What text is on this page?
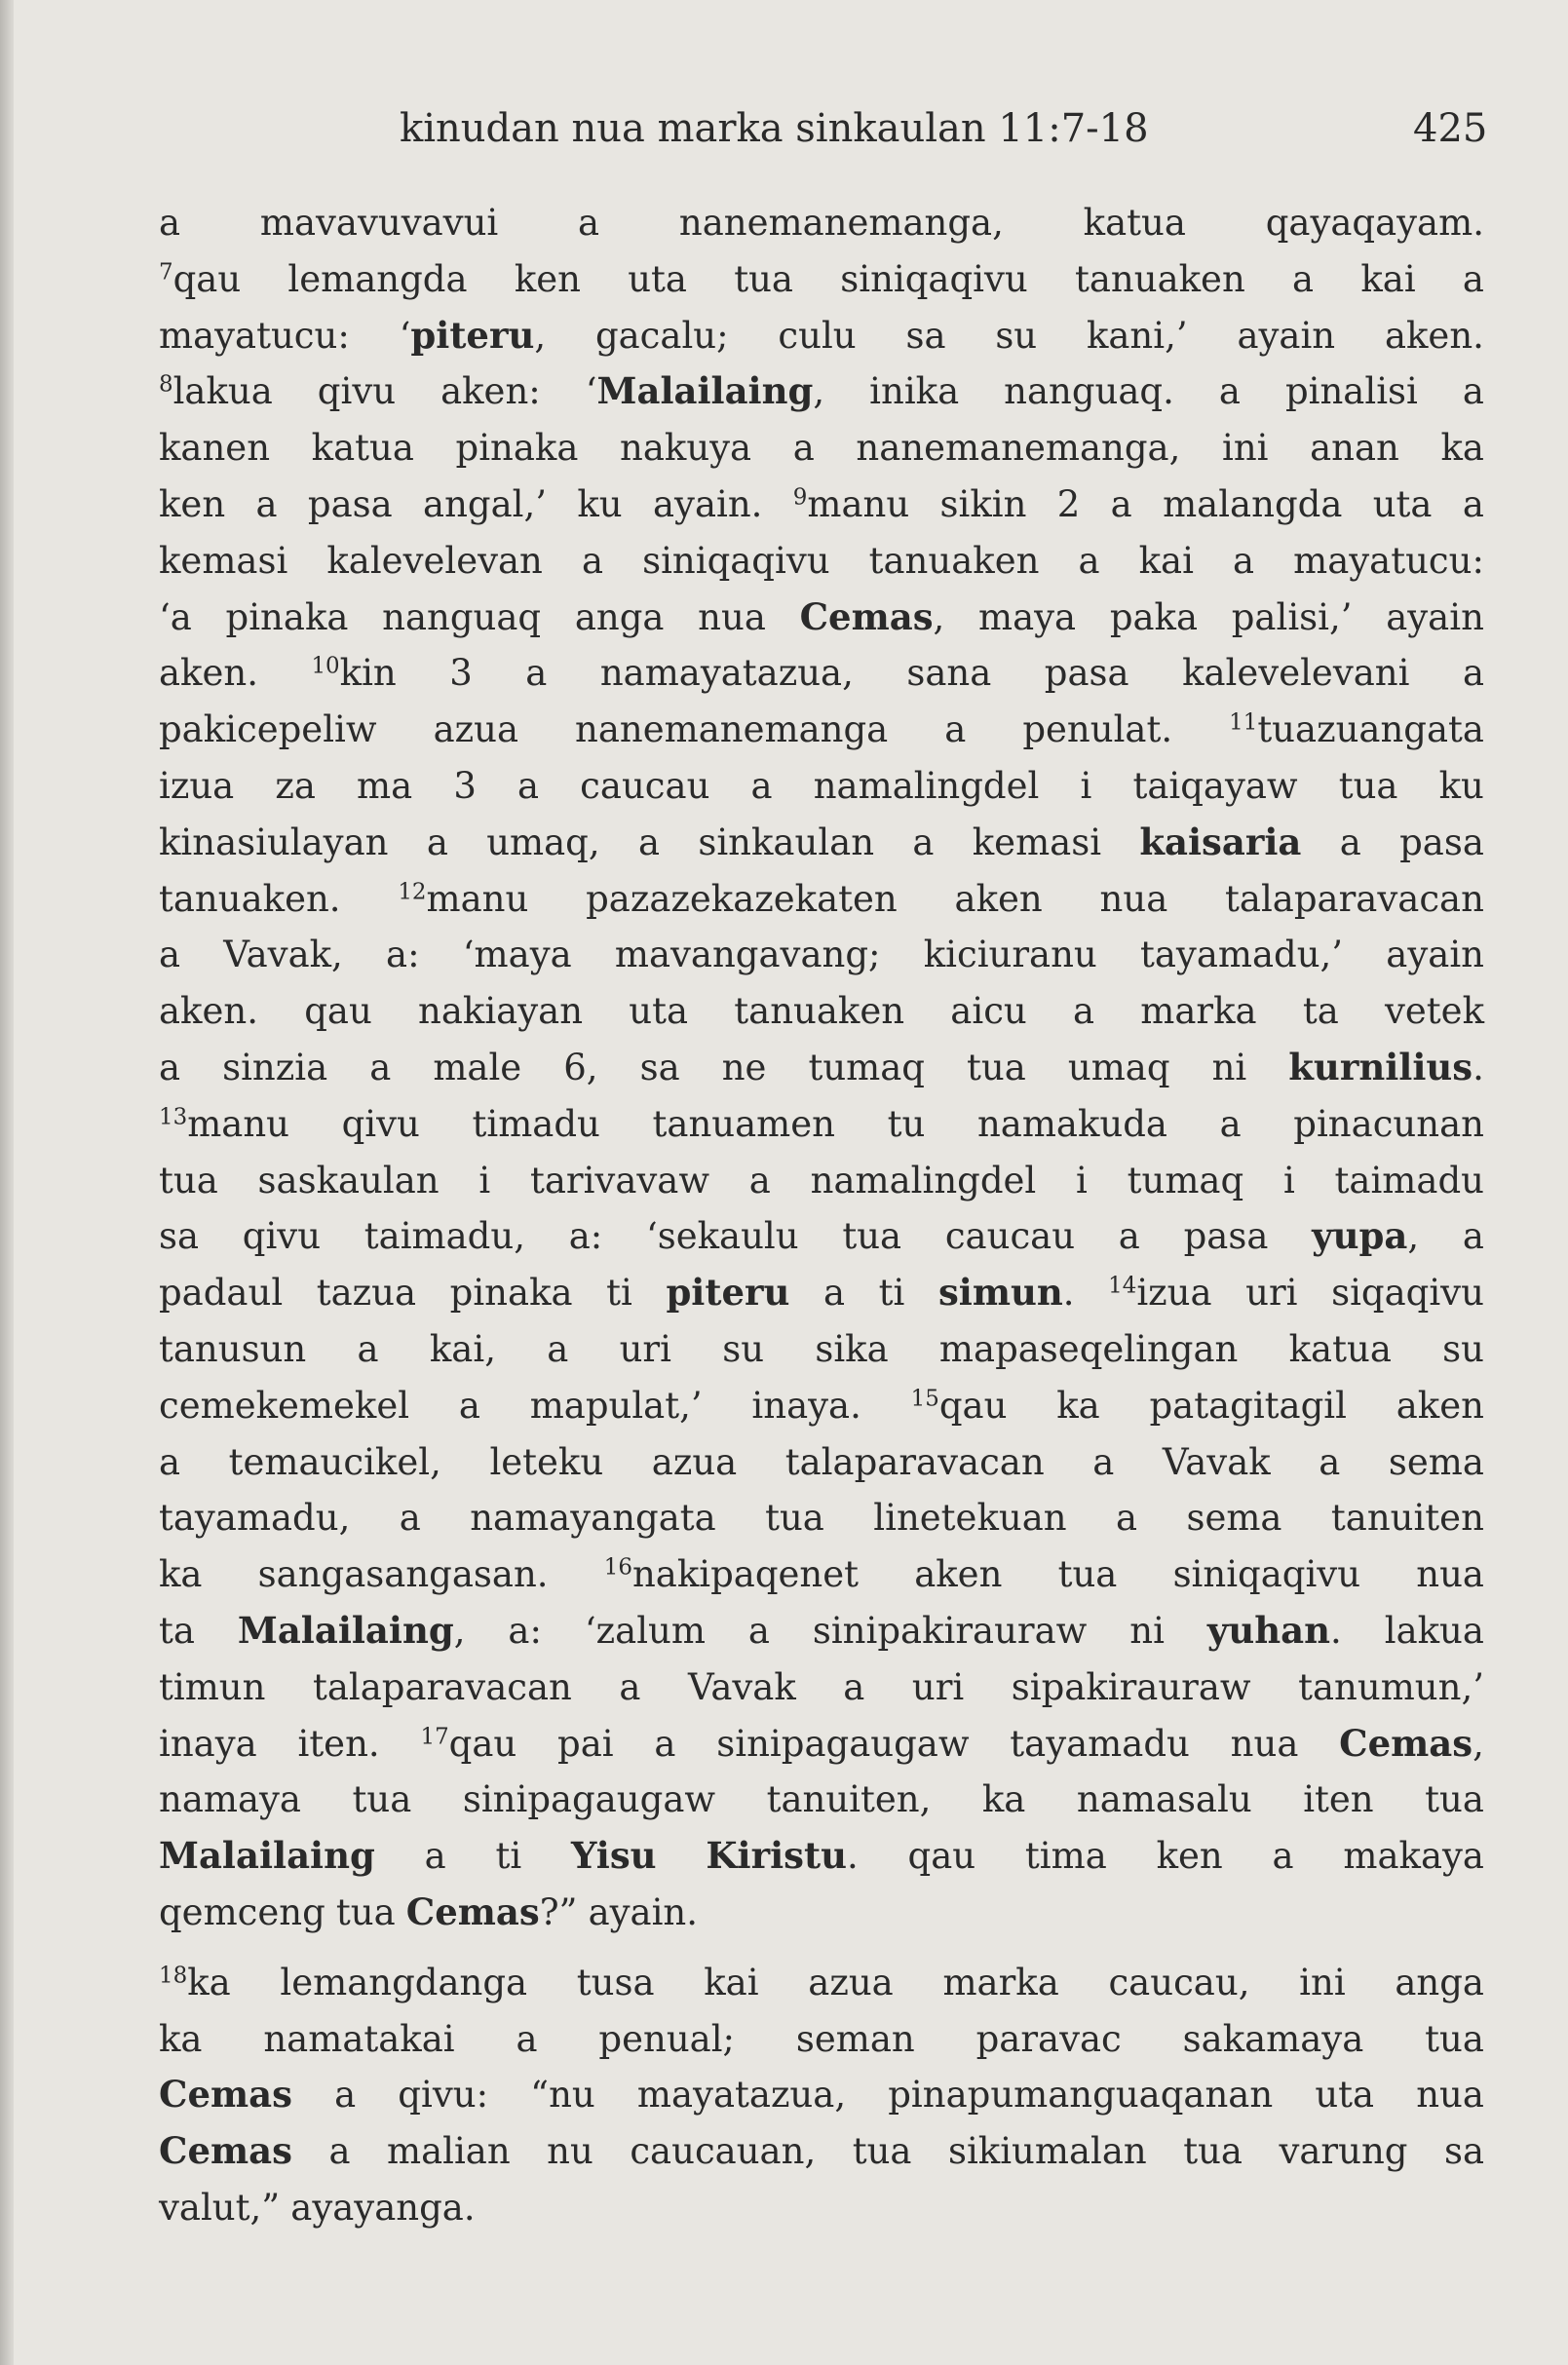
kinudan nua marka sinkaulan 11:7-18	425
a mavavuvavui a nanemanemanga, katua qayaqayam.
$^7$qau lemangda ken uta tua siniqaqivu tanuaken a kai a
mayatucu: ‘piteru, gacalu; culu sa su kani,’ ayain aken.
$^8$lakua qivu aken: ‘Malailaing, inika nanguaq. a pinalisi a
kanen katua pinaka nakuya a nanemanemanga, ini anan ka
ken a pasa angal,’ ku ayain. $^9$manu sikin 2 a malangda uta a
kemasi kalevelevan a siniqaqivu tanuaken a kai a mayatucu:
‘a pinaka nanguaq anga nua Cemas, maya paka palisi,’ ayain
aken. $^{10}$kin 3 a namayatazua, sana pasa kalevelevani a
pakicepeliw azua nanemanemanga a penulat.	$^{11}$tuazuangata
izua za ma 3 a caucau a namalingdel i taiqayaw tua ku
kinasiulayan a umaq, a sinkaulan a kemasi kaisaria a pasa
tanuaken.	$^{12}$manu pazazekazekaten aken nua talaparavacan
a Vavak, a: ‘maya mavangavang; kiciuranu tayamadu,’ ayain
aken. qau nakiayan uta tanuaken aicu a marka ta vetek
a sinzia a male 6, sa ne tumaq tua umaq ni kurnilius.
$^{13}$manu qivu timadu tanuamen tu namakuda a pinacunan
tua saskaulan i tarivavaw a namalingdel i tumaq i taimadu
sa qivu taimadu, a: ‘sekaulu tua caucau a pasa yupa, a
padaul tazua pinaka ti piteru a ti simun. $^{14}$izua uri siqaqivu
tanusun a kai, a uri su sika mapaseqelingan katua su
cemekemekel a mapulat,’ inaya. $^{15}$qau ka patagitagil aken
a temaucikel, leteku azua talaparavacan a Vavak a sema
tayamadu, a namayangata tua linetekuan a sema tanuiten
ka sangasangasan. $^{16}$nakipaqenet aken tua siniqaqivu nua
ta Malailaing, a: ‘zalum a sinipakirauraw ni yuhan. lakua
timun talaparavacan a Vavak a uri sipakirauraw tanumun,’
inaya iten. $^{17}$qau pai a sinipagaugaw tayamadu nua Cemas,
namaya tua sinipagaugaw tanuiten, ka namasalu iten tua
Malailaing a ti Yisu Kiristu. qau tima ken a makaya
qemceng tua Cemas?” ayain.
$^{18}$ka lemangdanga tusa kai azua marka caucau, ini anga
ka namatakai a penual; seman paravac sakamaya tua
Cemas a qivu: “nu mayatazua, pinapumanguaqanan uta nua
Cemas a malian nu caucauan, tua sikiumalan tua varung sa
valut,” ayayanga.
